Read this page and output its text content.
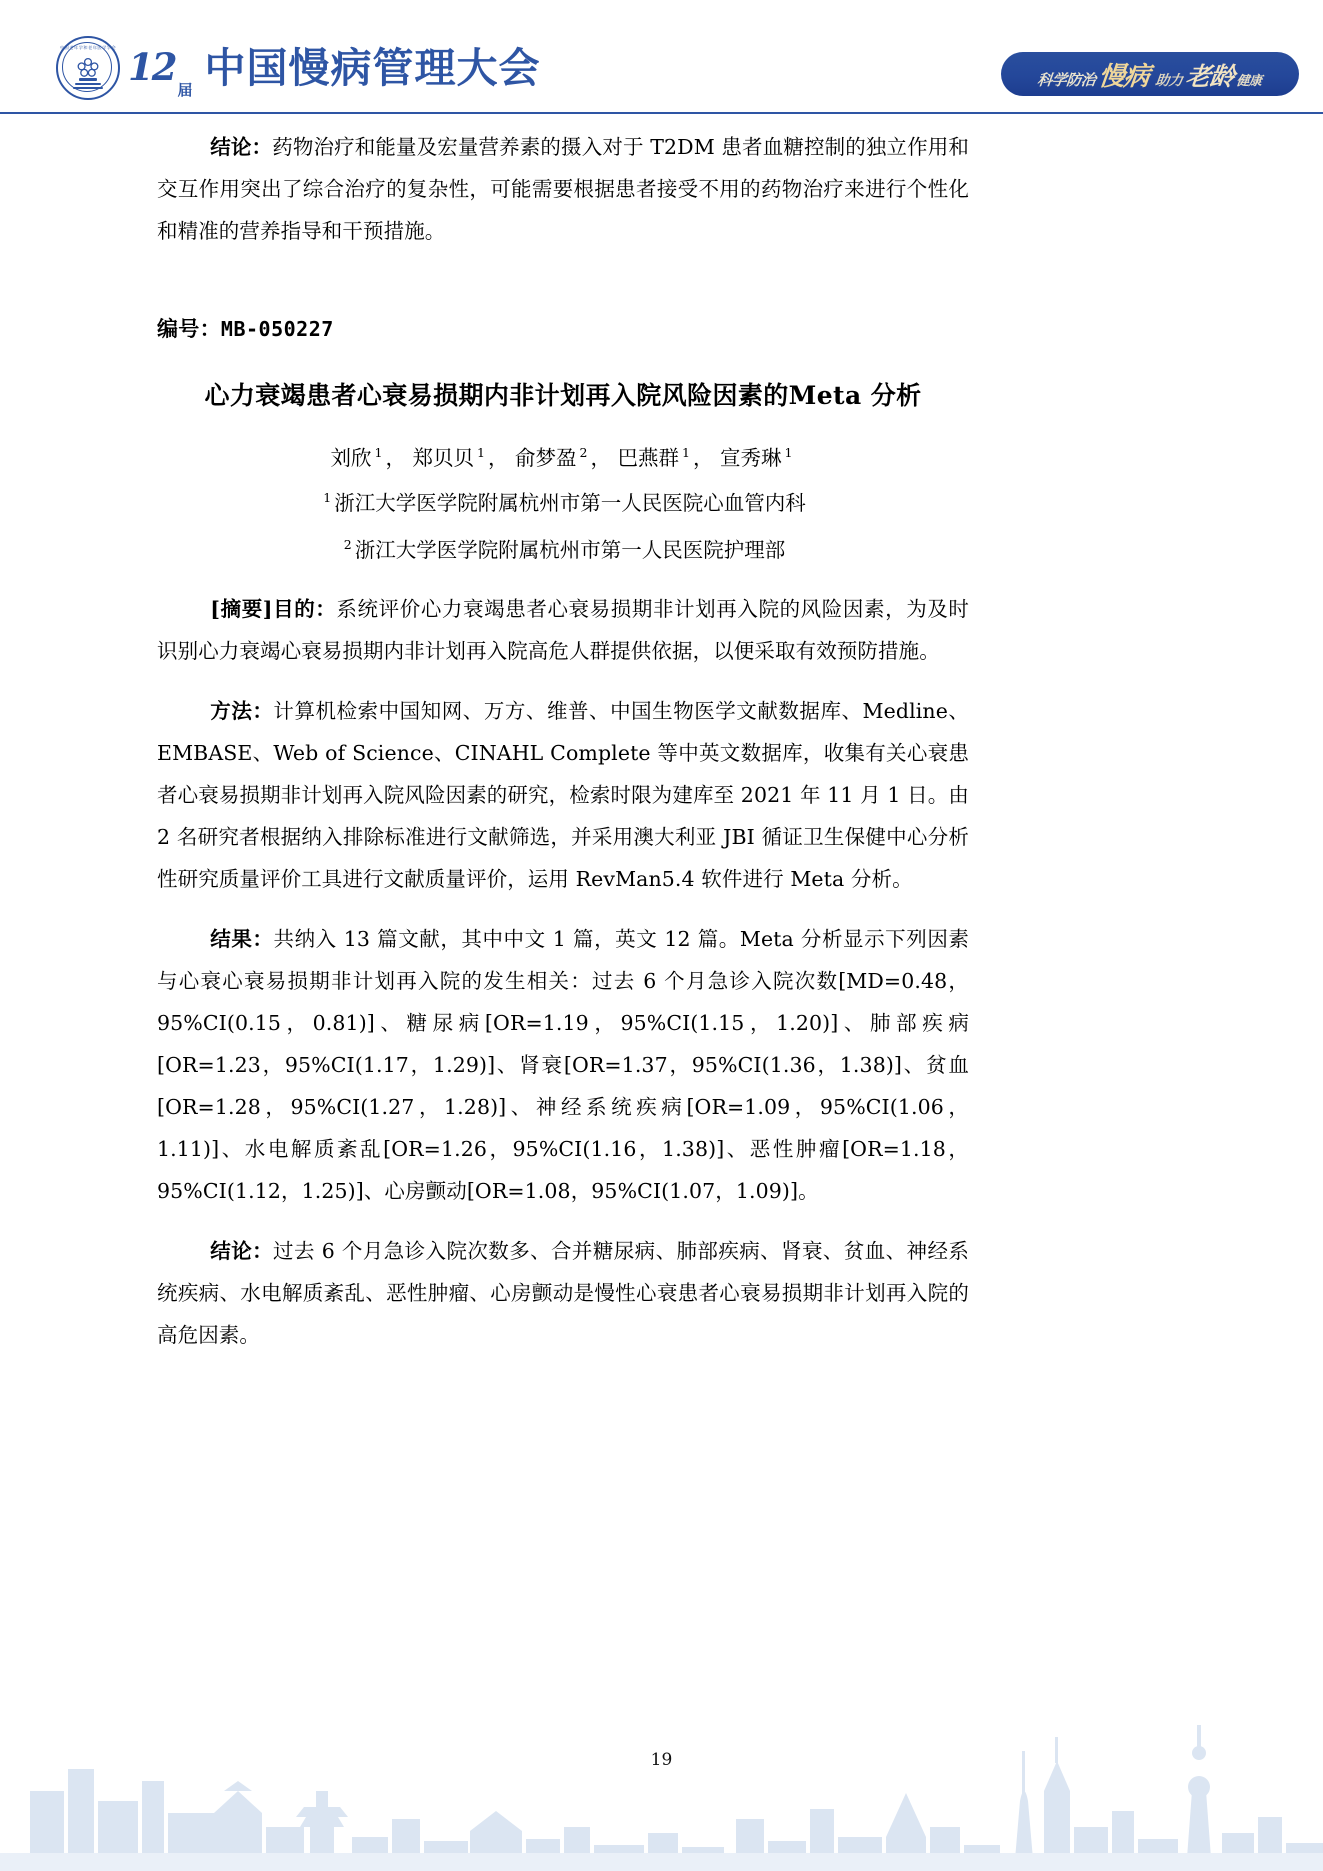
中国老年学和老年医学学会 12
届 中国慢病管理大会	科学防治 慢病 助力 老龄 健康

结论：药物治疗和能量及宏量营养素的摄入对于 T2DM 患者血糖控制的独立作用和交互作用突出了综合治疗的复杂性，可能需要根据患者接受不用的药物治疗来进行个性化和精准的营养指导和干预措施。

编号：MB-050227

心力衰竭患者心衰易损期内非计划再入院风险因素的Meta 分析

刘欣 $^1$ ， 郑贝贝 $^1$ ， 俞梦盈 $^2$ ， 巴燕群 $^1$ ， 宣秀琳 $^1$

$^1$ 浙江大学医学院附属杭州市第一人民医院心血管内科

$^2$ 浙江大学医学院附属杭州市第一人民医院护理部

[摘要]目的：系统评价心力衰竭患者心衰易损期非计划再入院的风险因素，为及时识别心力衰竭心衰易损期内非计划再入院高危人群提供依据，以便采取有效预防措施。

方法：计算机检索中国知网、万方、维普、中国生物医学文献数据库、Medline、EMBASE、Web of Science、CINAHL Complete 等中英文数据库，收集有关心衰患者心衰易损期非计划再入院风险因素的研究，检索时限为建库至 2021 年 11 月 1 日。由 2 名研究者根据纳入排除标准进行文献筛选，并采用澳大利亚 JBI 循证卫生保健中心分析性研究质量评价工具进行文献质量评价，运用 RevMan5.4 软件进行 Meta 分析。

结果：共纳入 13 篇文献，其中中文 1 篇，英文 12 篇。Meta 分析显示下列因素与心衰心衰易损期非计划再入院的发生相关：过去 6 个月急诊入院次数[MD=0.48，95%CI(0.15，0.81)]、糖尿病[OR=1.19，95%CI(1.15，1.20)]、肺部疾病[OR=1.23，95%CI(1.17，1.29)]、肾衰[OR=1.37，95%CI(1.36，1.38)]、贫血[OR=1.28，95%CI(1.27，1.28)]、神经系统疾病[OR=1.09，95%CI(1.06，1.11)]、水电解质紊乱[OR=1.26，95%CI(1.16，1.38)]、恶性肿瘤[OR=1.18，95%CI(1.12，1.25)]、心房颤动[OR=1.08，95%CI(1.07，1.09)]。

结论：过去 6 个月急诊入院次数多、合并糖尿病、肺部疾病、肾衰、贫血、神经系统疾病、水电解质紊乱、恶性肿瘤、心房颤动是慢性心衰患者心衰易损期非计划再入院的高危因素。

19
